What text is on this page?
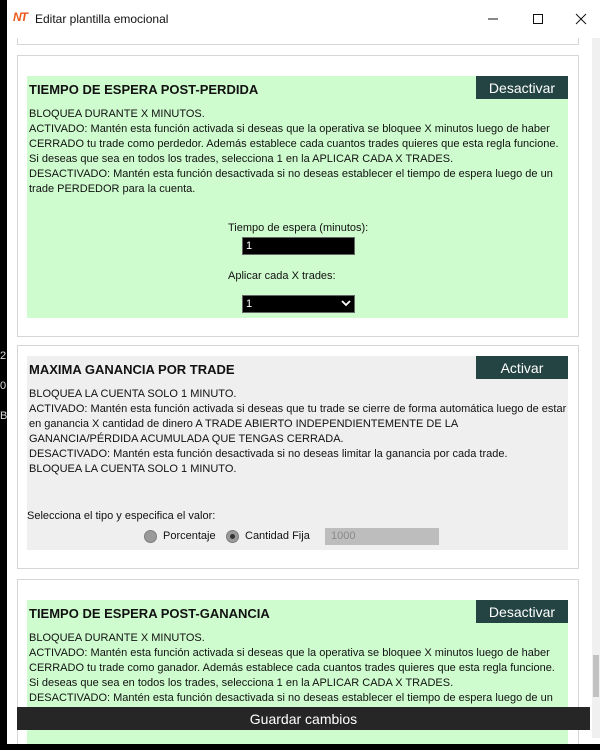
2
0
B
NT Editar plantilla emocional
TIEMPO DE ESPERA POST-PERDIDA	Desactivar
BLOQUEA DURANTE X MINUTOS.
ACTIVADO: Mantén esta función activada si deseas que la operativa se bloquee X minutos luego de haber CERRADO tu trade como perdedor. Además establece cada cuantos trades quieres que esta regla funcione. Si deseas que sea en todos los trades, selecciona 1 en la APLICAR CADA X TRADES.
DESACTIVADO: Mantén esta función desactivada si no deseas establecer el tiempo de espera luego de un trade PERDEDOR para la cuenta.
Tiempo de espera (minutos):
1
Aplicar cada X trades:
1
MAXIMA GANANCIA POR TRADE	Activar
BLOQUEA LA CUENTA SOLO 1 MINUTO.
ACTIVADO: Mantén esta función activada si deseas que tu trade se cierre de forma automática luego de estar en ganancia X cantidad de dinero A TRADE ABIERTO INDEPENDIENTEMENTE DE LA GANANCIA/PÉRDIDA ACUMULADA QUE TENGAS CERRADA.
DESACTIVADO: Mantén esta función desactivada si no deseas limitar la ganancia por cada trade.
BLOQUEA LA CUENTA SOLO 1 MINUTO.
Selecciona el tipo y especifica el valor:
Porcentaje	Cantidad Fija	1000
TIEMPO DE ESPERA POST-GANANCIA	Desactivar
BLOQUEA DURANTE X MINUTOS.
ACTIVADO: Mantén esta función activada si deseas que la operativa se bloquee X minutos luego de haber CERRADO tu trade como ganador. Además establece cada cuantos trades quieres que esta regla funcione. Si deseas que sea en todos los trades, selecciona 1 en la APLICAR CADA X TRADES.
DESACTIVADO: Mantén esta función desactivada si no deseas establecer el tiempo de espera luego de un
Guardar cambios
